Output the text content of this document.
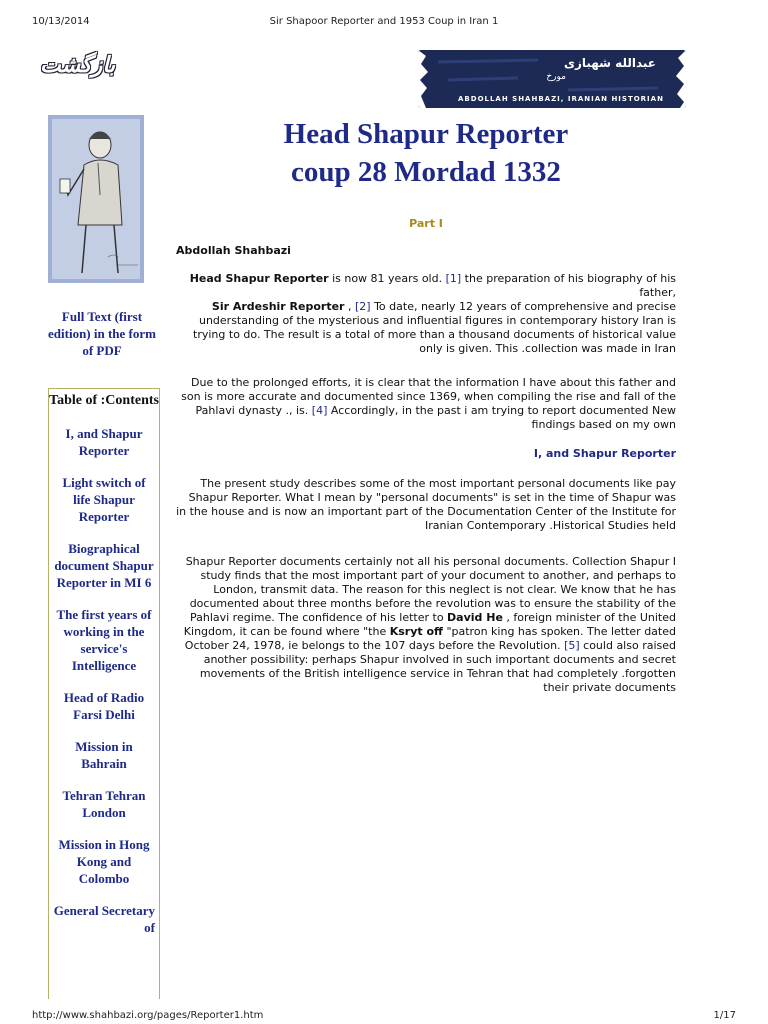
10/13/2014	Sir Shapoor Reporter and 1953 Coup in Iran 1
بازگشت	عبدالله شهبازی
مورخ
ABDOLLAH SHAHBAZI, IRANIAN HISTORIAN
Full Text (first edition) in the form of PDF
Table of :Contents
I, and Shapur Reporter
Light switch of life Shapur Reporter
Biographical document Shapur Reporter in MI 6
The first years of working in the service's Intelligence
Head of Radio Farsi Delhi
Mission in Bahrain
Tehran Tehran London
Mission in Hong Kong and Colombo
General Secretary of
Head Shapur Reporter
coup 28 Mordad 1332
Part I
Abdollah Shahbazi

Head Shapur Reporter is now 81 years old. [1] the preparation of his biography of his father,
Sir Ardeshir Reporter , [2] To date, nearly 12 years of comprehensive and precise understanding of the mysterious and influential figures in contemporary history Iran is trying to do. The result is a total of more than a thousand documents of historical value only is given. This .collection was made in Iran

Due to the prolonged efforts, it is clear that the information I have about this father and son is more accurate and documented since 1369, when compiling the rise and fall of the Pahlavi dynasty ., is. [4] Accordingly, in the past i am trying to report documented New findings based on my own

I, and Shapur Reporter

The present study describes some of the most important personal documents like pay Shapur Reporter. What I mean by "personal documents" is set in the time of Shapur was in the house and is now an important part of the Documentation Center of the Institute for Iranian Contemporary .Historical Studies held

Shapur Reporter documents certainly not all his personal documents. Collection Shapur I study finds that the most important part of your document to another, and perhaps to London, transmit data. The reason for this neglect is not clear. We know that he has documented about three months before the revolution was to ensure the stability of the Pahlavi regime. The confidence of his letter to David He , foreign minister of the United Kingdom, it can be found where "the Ksryt off "patron king has spoken. The letter dated October 24, 1978, ie belongs to the 107 days before the Revolution. [5] could also raised another possibility: perhaps Shapur involved in such important documents and secret movements of the British intelligence service in Tehran that had completely .forgotten their private documents

http://www.shahbazi.org/pages/Reporter1.htm	1/17
